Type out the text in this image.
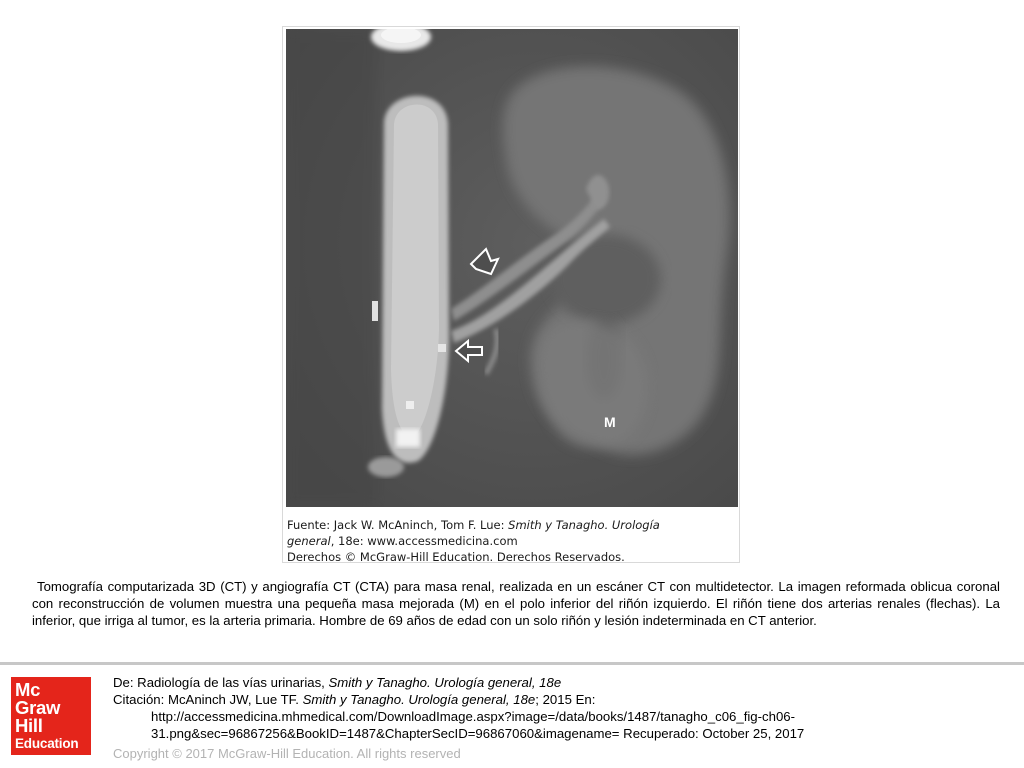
M
Fuente: Jack W. McAninch, Tom F. Lue: Smith y Tanagho. Urología
general, 18e: www.accessmedicina.com
Derechos © McGraw-Hill Education. Derechos Reservados.
Tomografía computarizada 3D (CT) y angiografía CT (CTA) para masa renal, realizada en un escáner CT con multidetector. La imagen reformada oblicua coronal con reconstrucción de volumen muestra una pequeña masa mejorada (M) en el polo inferior del riñón izquierdo. El riñón tiene dos arterias renales (flechas). La inferior, que irriga al tumor, es la arteria primaria. Hombre de 69 años de edad con un solo riñón y lesión indeterminada en CT anterior.
Mc
Graw
Hill
Education
De: Radiología de las vías urinarias, Smith y Tanagho. Urología general, 18e
Citación: McAninch JW, Lue TF. Smith y Tanagho. Urología general, 18e; 2015 En:
http://accessmedicina.mhmedical.com/DownloadImage.aspx?image=/data/books/1487/tanagho_c06_fig-ch06-
31.png&sec=96867256&BookID=1487&ChapterSecID=96867060&imagename= Recuperado: October 25, 2017
Copyright © 2017 McGraw-Hill Education. All rights reserved
